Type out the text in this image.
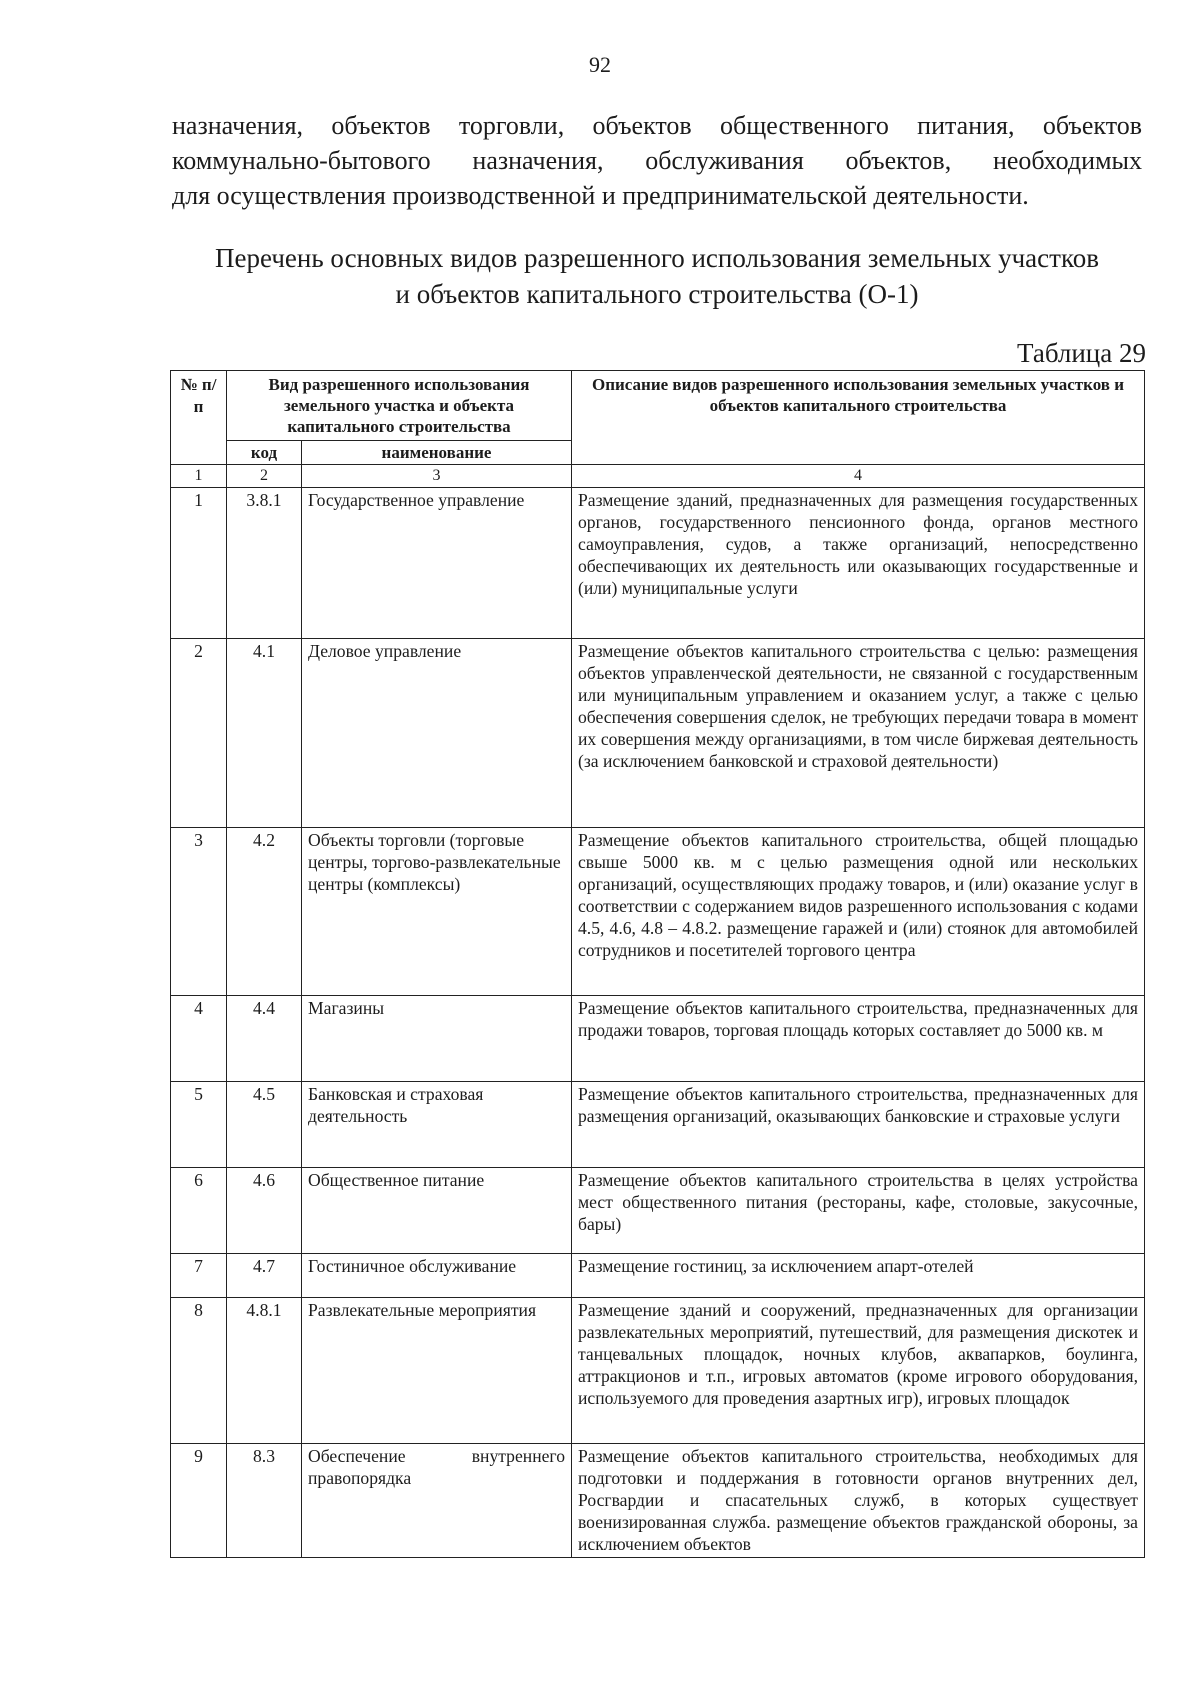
92
назначения, объектов торговли, объектов общественного питания, объектов
коммунально-бытового назначения, обслуживания объектов, необходимых
для осуществления производственной и предпринимательской деятельности.
Перечень основных видов разрешенного использования земельных участков
и объектов капитального строительства (О-1)
Таблица 29
№ п/п	Вид разрешенного использования земельного участка и объекта капитального строительства		Описание видов разрешенного использования земельных участков и объектов капитального строительства
	код	наименование	
1	2	3	4
1	3.8.1	Государственное управление	Размещение зданий, предназначенных для размещения государственных органов, государственного пенсионного фонда, органов местного самоуправления, судов, а также организаций, непосредственно обеспечивающих их деятельность или оказывающих государственные и (или) муниципальные услуги
2	4.1	Деловое управление	Размещение объектов капитального строительства с целью: размещения объектов управленческой деятельности, не связанной с государственным или муниципальным управлением и оказанием услуг, а также с целью обеспечения совершения сделок, не требующих передачи товара в момент их совершения между организациями, в том числе биржевая деятельность (за исключением банковской и страховой деятельности)
3	4.2	Объекты торговли (торговые центры, торгово-развлекательные центры (комплексы)	Размещение объектов капитального строительства, общей площадью свыше 5000 кв. м с целью размещения одной или нескольких организаций, осуществляющих продажу товаров, и (или) оказание услуг в соответствии с содержанием видов разрешенного использования с кодами 4.5, 4.6, 4.8 – 4.8.2. размещение гаражей и (или) стоянок для автомобилей сотрудников и посетителей торгового центра
4	4.4	Магазины	Размещение объектов капитального строительства, предназначенных для продажи товаров, торговая площадь которых составляет до 5000 кв. м
5	4.5	Банковская и страховая деятельность	Размещение объектов капитального строительства, предназначенных для размещения организаций, оказывающих банковские и страховые услуги
6	4.6	Общественное питание	Размещение объектов капитального строительства в целях устройства мест общественного питания (рестораны, кафе, столовые, закусочные, бары)
7	4.7	Гостиничное обслуживание	Размещение гостиниц, за исключением апарт-отелей
8	4.8.1	Развлекательные мероприятия	Размещение зданий и сооружений, предназначенных для организации развлекательных мероприятий, путешествий, для размещения дискотек и танцевальных площадок, ночных клубов, аквапарков, боулинга, аттракционов и т.п., игровых автоматов (кроме игрового оборудования, используемого для проведения азартных игр), игровых площадок
9	8.3	Обеспечение внутреннего правопорядка	Размещение объектов капитального строительства, необходимых для подготовки и поддержания в готовности органов внутренних дел, Росгвардии и спасательных служб, в которых существует военизированная служба. размещение объектов гражданской обороны, за исключением объектов
